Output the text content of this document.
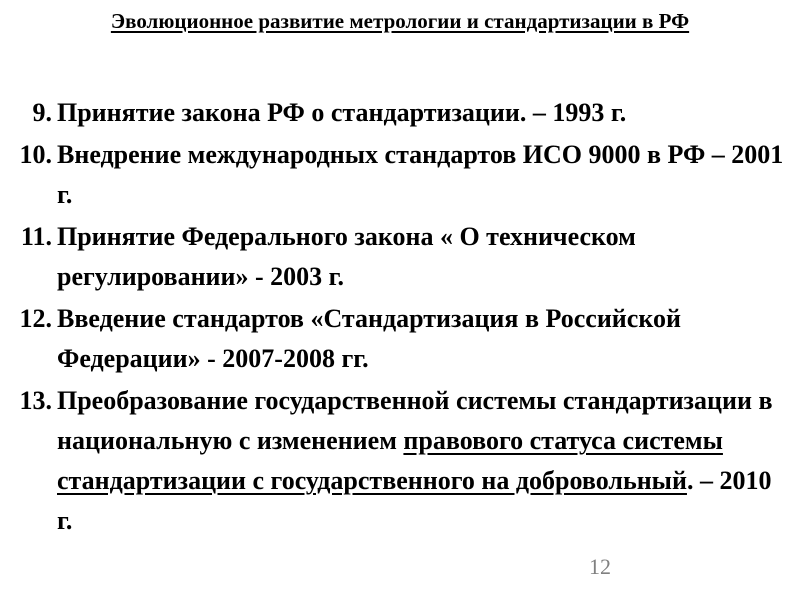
Эволюционное развитие метрологии и стандартизации в РФ
9. Принятие закона РФ о стандартизации. – 1993 г.
10. Внедрение международных стандартов ИСО 9000 в РФ – 2001 г.
11. Принятие Федерального закона « О техническом регулировании» - 2003 г.
12. Введение стандартов «Стандартизация в Российской Федерации» - 2007-2008 гг.
13. Преобразование государственной системы стандартизации в национальную с изменением правового статуса системы стандартизации с государственного на добровольный. – 2010 г.
12
